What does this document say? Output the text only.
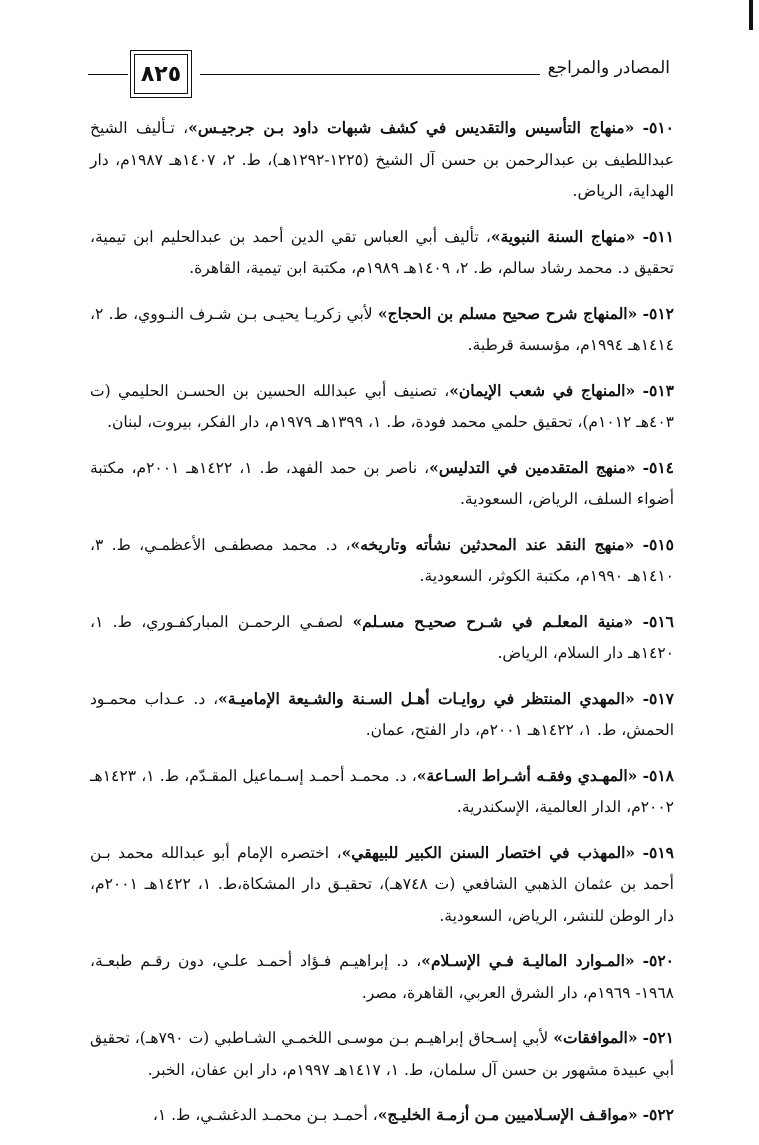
٨٢٥	المصادر والمراجع

٥١٠- «منهاج التأسيس والتقديس في كشف شبهات داود بـن جرجيـس»، تـأليف الشيخ عبداللطيف بن عبدالرحمن بن حسن آل الشيخ (١٢٢٥-١٢٩٢هـ)، ط. ٢، ١٤٠٧هـ ١٩٨٧م، دار الهداية، الرياض.

٥١١- «منهاج السنة النبوية»، تأليف أبي العباس تقي الدين أحمد بن عبدالحليم ابن تيمية، تحقيق د. محمد رشاد سالم، ط. ٢، ١٤٠٩هـ ١٩٨٩م، مكتبة ابن تيمية، القاهرة.

٥١٢- «المنهاج شرح صحيح مسلم بن الحجاج» لأبي زكريـا يحيـى بـن شـرف النـووي، ط. ٢، ١٤١٤هـ ١٩٩٤م، مؤسسة قرطبة.

٥١٣- «المنهاج في شعب الإيمان»، تصنيف أبي عبدالله الحسين بن الحسـن الحليمي (ت ٤٠٣هـ ١٠١٢م)، تحقيق حلمي محمد فودة، ط. ١، ١٣٩٩هـ ١٩٧٩م، دار الفكر، بيروت، لبنان.

٥١٤- «منهج المتقدمين في التدليس»، ناصر بن حمد الفهد، ط. ١، ١٤٢٢هـ ٢٠٠١م، مكتبة أضواء السلف، الرياض، السعودية.

٥١٥- «منهج النقد عند المحدثين نشأته وتاريخه»، د. محمد مصطفـى الأعظمـي، ط. ٣، ١٤١٠هـ ١٩٩٠م، مكتبة الكوثر، السعودية.

٥١٦- «منية المعلـم في شـرح صحيـح مسـلم» لصفـي الرحمـن المباركفـوري، ط. ١، ١٤٢٠هـ دار السلام، الرياض.

٥١٧- «المهدي المنتظر في روايـات أهـل السـنة والشـيعة الإماميـة»، د. عـداب محمـود الحمش، ط. ١، ١٤٢٢هـ ٢٠٠١م، دار الفتح، عمان.

٥١٨- «المهـدي وفقـه أشـراط السـاعة»، د. محمـد أحمـد إسـماعيل المقـدّم، ط. ١، ١٤٢٣هـ ٢٠٠٢م، الدار العالمية، الإسكندرية.

٥١٩- «المهذب في اختصار السنن الكبير للبيهقي»، اختصره الإمام أبو عبدالله محمد بـن أحمد بن عثمان الذهبي الشافعي (ت ٧٤٨هـ)، تحقيـق دار المشكاة،ط. ١، ١٤٢٢هـ ٢٠٠١م، دار الوطن للنشر، الرياض، السعودية.

٥٢٠- «المـوارد الماليـة فـي الإسـلام»، د. إبراهيـم فـؤاد أحمـد علـي، دون رقـم طبعـة، ١٩٦٨- ١٩٦٩م، دار الشرق العربي، القاهرة، مصر.

٥٢١- «الموافقات» لأبي إسـحاق إبراهيـم بـن موسـى اللخمـي الشـاطبي (ت ٧٩٠هـ)، تحقيق أبي عبيدة مشهور بن حسن آل سلمان، ط. ١، ١٤١٧هـ ١٩٩٧م، دار ابن عفان، الخبر.

٥٢٢- «مواقـف الإسـلاميين مـن أزمـة الخليـج»، أحمـد بـن محمـد الدغشـي، ط. ١،
